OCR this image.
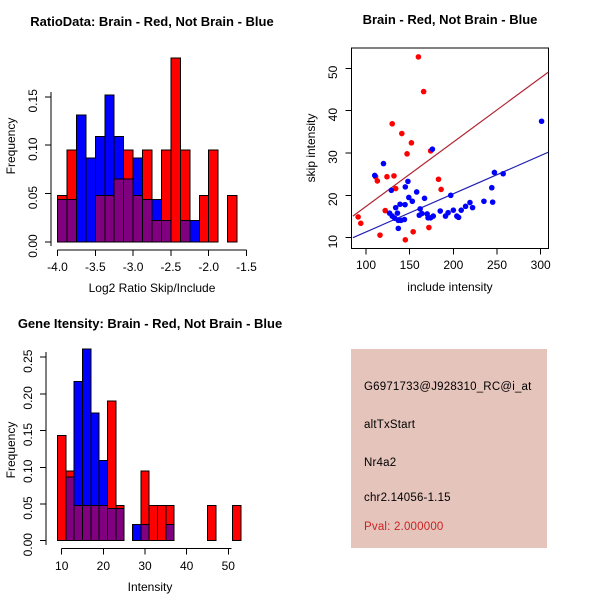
RatioData: Brain - Red, Not Brain - Blue
0.00
0.05
0.10
0.15
Frequency
-4.0 -3.5 -3.0 -2.5 -2.0 -1.5
Log2 Ratio Skip/Include
Brain - Red, Not Brain - Blue
100 150 200 250 300
include intensity
10
20
30
40
50
skip intensity
Gene Itensity: Brain - Red, Not Brain - Blue
0.00
0.05
0.10
0.15
0.20
0.25
Frequency
10 20 30 40 50
Intensity
G6971733@J928310_RC@i_at
altTxStart
Nr4a2
chr2.14056-1.15
Pval: 2.000000
